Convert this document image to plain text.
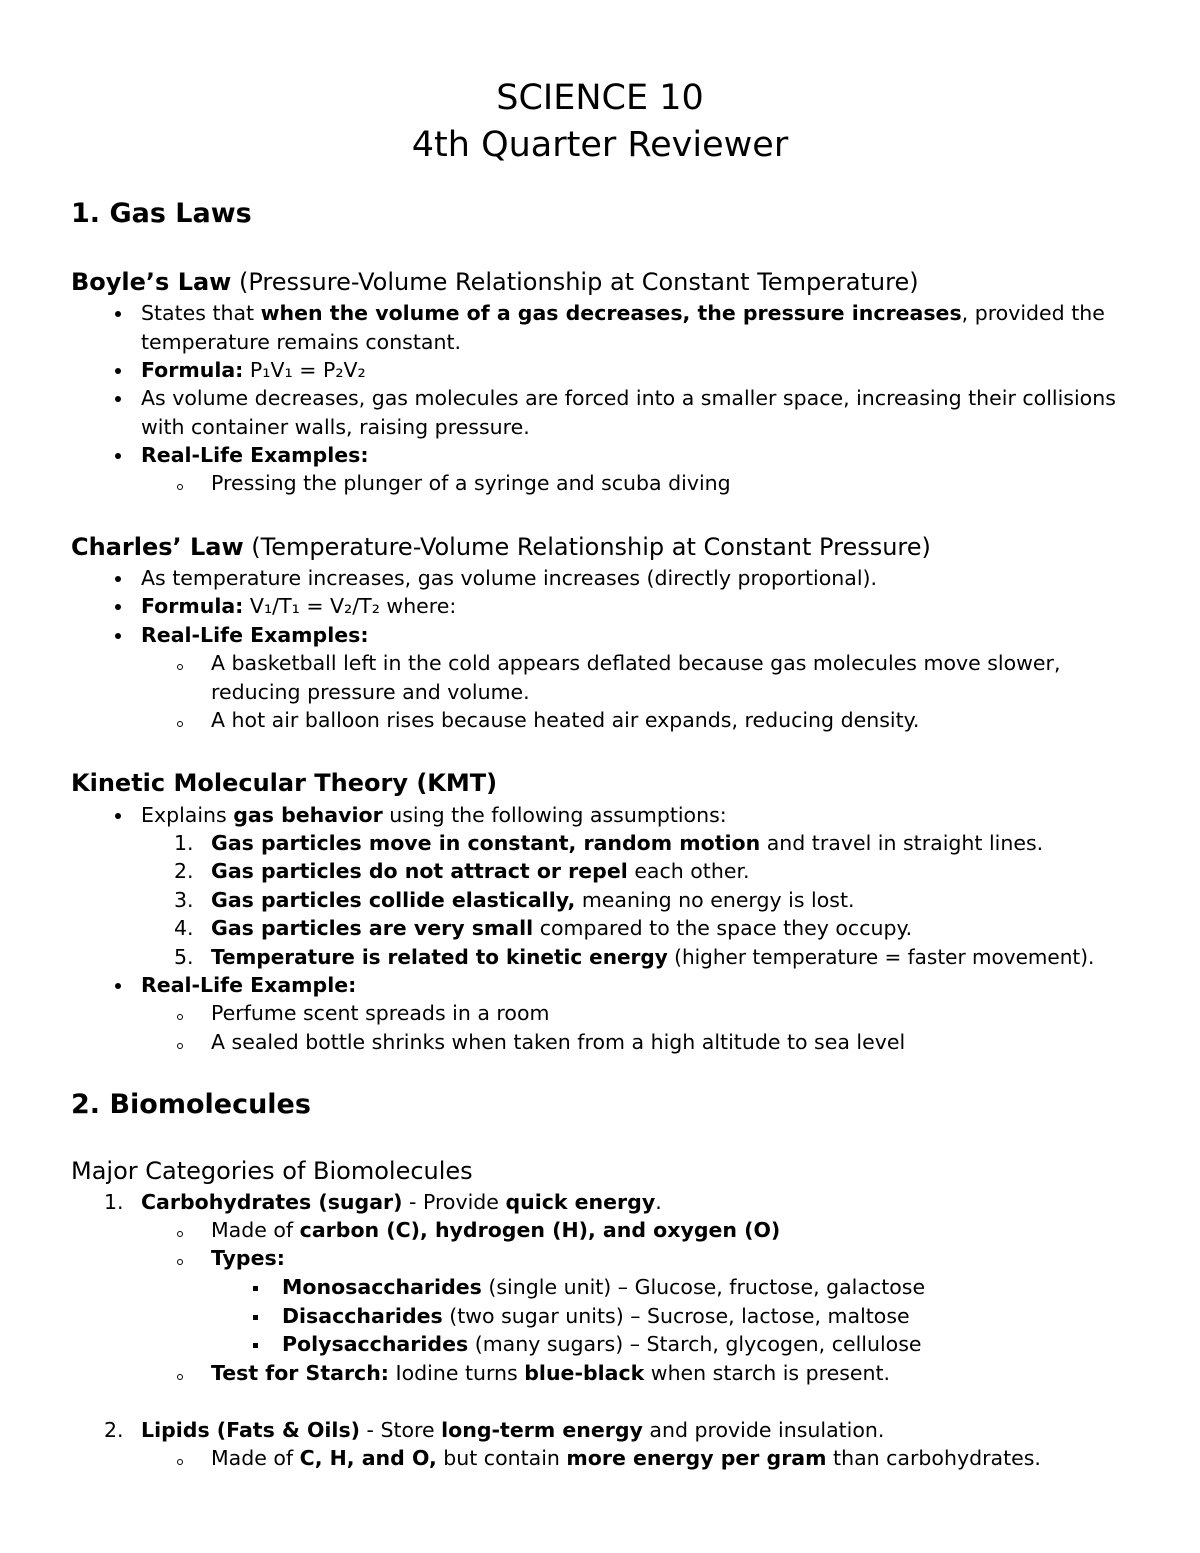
SCIENCE 10
4th Quarter Reviewer
1. Gas Laws
Boyle’s Law (Pressure-Volume Relationship at Constant Temperature)
States that when the volume of a gas decreases, the pressure increases, provided the
temperature remains constant.
Formula: P₁V₁ = P₂V₂
As volume decreases, gas molecules are forced into a smaller space, increasing their collisions
with container walls, raising pressure.
Real-Life Examples:
Pressing the plunger of a syringe and scuba diving
Charles’ Law (Temperature-Volume Relationship at Constant Pressure)
As temperature increases, gas volume increases (directly proportional).
Formula: V₁/T₁ = V₂/T₂ where:
Real-Life Examples:
A basketball left in the cold appears deflated because gas molecules move slower,
reducing pressure and volume.
A hot air balloon rises because heated air expands, reducing density.
Kinetic Molecular Theory (KMT)
Explains gas behavior using the following assumptions:
1. Gas particles move in constant, random motion and travel in straight lines.
2. Gas particles do not attract or repel each other.
3. Gas particles collide elastically, meaning no energy is lost.
4. Gas particles are very small compared to the space they occupy.
5. Temperature is related to kinetic energy (higher temperature = faster movement).
Real-Life Example:
Perfume scent spreads in a room
A sealed bottle shrinks when taken from a high altitude to sea level
2. Biomolecules
Major Categories of Biomolecules
1. Carbohydrates (sugar) - Provide quick energy.
Made of carbon (C), hydrogen (H), and oxygen (O)
Types:
Monosaccharides (single unit) – Glucose, fructose, galactose
Disaccharides (two sugar units) – Sucrose, lactose, maltose
Polysaccharides (many sugars) – Starch, glycogen, cellulose
Test for Starch: Iodine turns blue-black when starch is present.
2. Lipids (Fats & Oils) - Store long-term energy and provide insulation.
Made of C, H, and O, but contain more energy per gram than carbohydrates.
